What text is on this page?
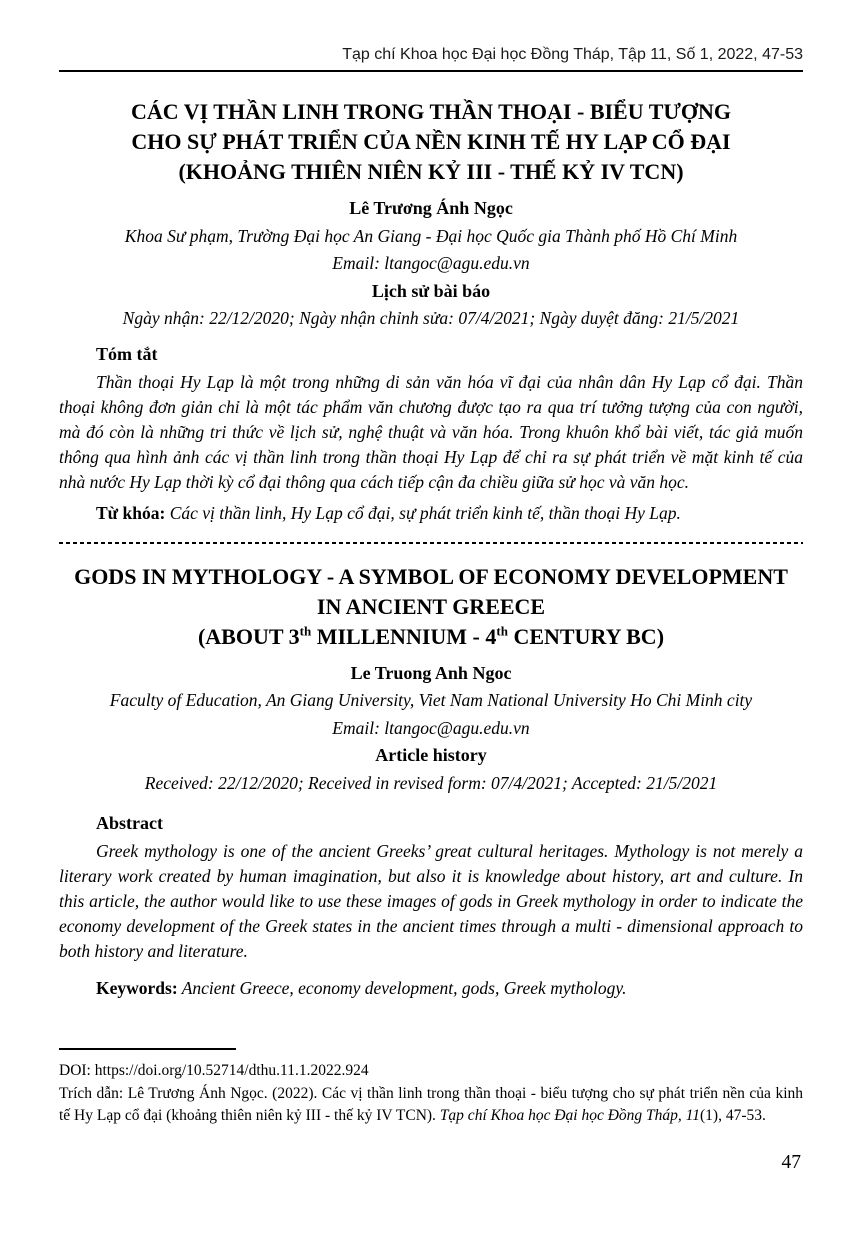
Tạp chí Khoa học Đại học Đồng Tháp, Tập 11, Số 1, 2022, 47-53
CÁC VỊ THẦN LINH TRONG THẦN THOẠI - BIỂU TƯỢNG
CHO SỰ PHÁT TRIỂN CỦA NỀN KINH TẾ HY LẠP CỔ ĐẠI
(KHOẢNG THIÊN NIÊN KỶ III - THẾ KỶ IV TCN)
Lê Trương Ánh Ngọc
Khoa Sư phạm, Trường Đại học An Giang - Đại học Quốc gia Thành phố Hồ Chí Minh
Email: ltangoc@agu.edu.vn
Lịch sử bài báo
Ngày nhận: 22/12/2020; Ngày nhận chỉnh sửa: 07/4/2021; Ngày duyệt đăng: 21/5/2021
Tóm tắt
Thần thoại Hy Lạp là một trong những di sản văn hóa vĩ đại của nhân dân Hy Lạp cổ đại. Thần thoại không đơn giản chỉ là một tác phẩm văn chương được tạo ra qua trí tưởng tượng của con người, mà đó còn là những tri thức về lịch sử, nghệ thuật và văn hóa. Trong khuôn khổ bài viết, tác giả muốn thông qua hình ảnh các vị thần linh trong thần thoại Hy Lạp để chỉ ra sự phát triển về mặt kinh tế của nhà nước Hy Lạp thời kỳ cổ đại thông qua cách tiếp cận đa chiều giữa sử học và văn học.
Từ khóa: Các vị thần linh, Hy Lạp cổ đại, sự phát triển kinh tế, thần thoại Hy Lạp.
GODS IN MYTHOLOGY - A SYMBOL OF ECONOMY DEVELOPMENT
IN ANCIENT GREECE
(ABOUT 3th MILLENNIUM - 4th CENTURY BC)
Le Truong Anh Ngoc
Faculty of Education, An Giang University, Viet Nam National University Ho Chi Minh city
Email: ltangoc@agu.edu.vn
Article history
Received: 22/12/2020; Received in revised form: 07/4/2021; Accepted: 21/5/2021
Abstract
Greek mythology is one of the ancient Greeks’ great cultural heritages. Mythology is not merely a literary work created by human imagination, but also it is knowledge about history, art and culture. In this article, the author would like to use these images of gods in Greek mythology in order to indicate the economy development of the Greek states in the ancient times through a multi - dimensional approach to both history and literature.
Keywords: Ancient Greece, economy development, gods, Greek mythology.
DOI: https://doi.org/10.52714/dthu.11.1.2022.924
Trích dẫn: Lê Trương Ánh Ngọc. (2022). Các vị thần linh trong thần thoại - biểu tượng cho sự phát triển nền của kinh tế Hy Lạp cổ đại (khoảng thiên niên kỷ III - thế kỷ IV TCN). Tạp chí Khoa học Đại học Đồng Tháp, 11(1), 47-53.
47
